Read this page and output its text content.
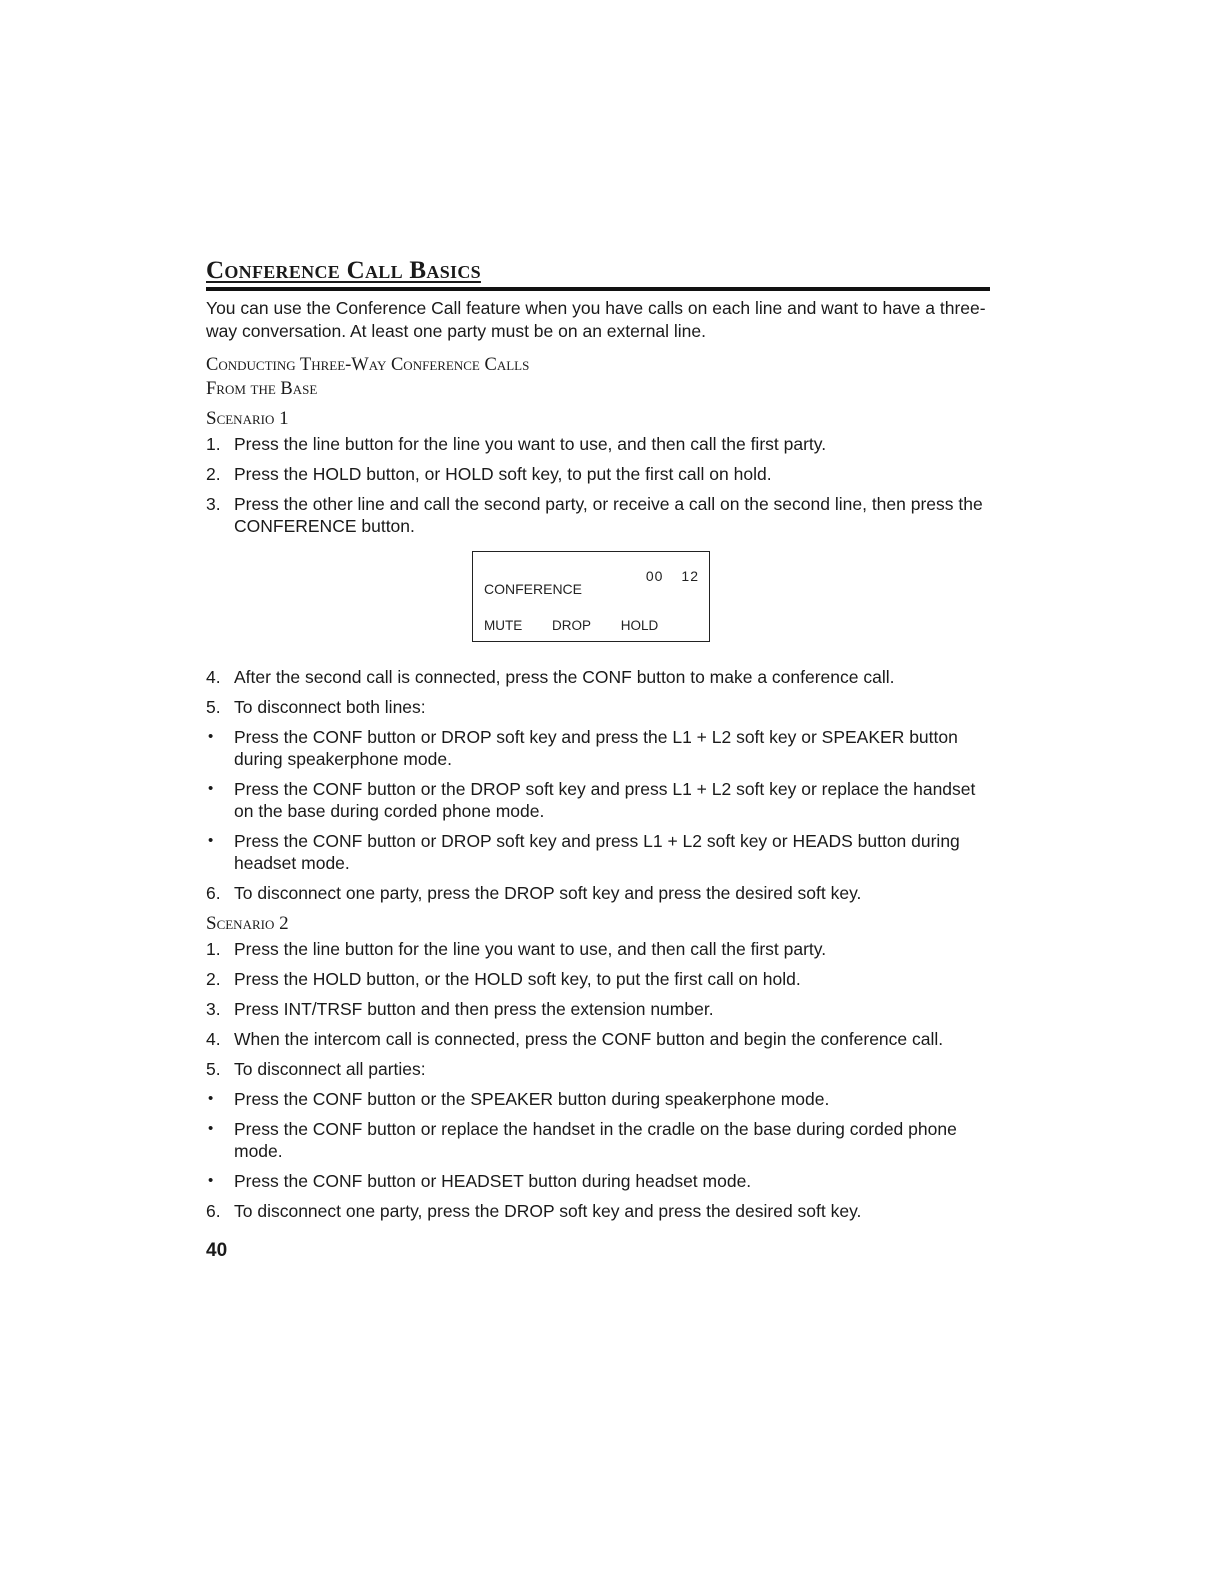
Conference Call Basics

You can use the Conference Call feature when you have calls on each line and want to have a three-way conversation. At least one party must be on an external line.

Conducting Three-Way Conference Calls
From the Base
Scenario 1
1. Press the line button for the line you want to use, and then call the first party.
2. Press the HOLD button, or HOLD soft key, to put the first call on hold.
3. Press the other line and call the second party, or receive a call on the second line, then press the CONFERENCE button.
00 12
CONFERENCE
MUTE DROP HOLD
4. After the second call is connected, press the CONF button to make a conference call.
5. To disconnect both lines:
• Press the CONF button or DROP soft key and press the L1 + L2 soft key or SPEAKER button during speakerphone mode.
• Press the CONF button or the DROP soft key and press L1 + L2 soft key or replace the handset on the base during corded phone mode.
• Press the CONF button or DROP soft key and press L1 + L2 soft key or HEADS button during headset mode.
6. To disconnect one party, press the DROP soft key and press the desired soft key.
Scenario 2
1. Press the line button for the line you want to use, and then call the first party.
2. Press the HOLD button, or the HOLD soft key, to put the first call on hold.
3. Press INT/TRSF button and then press the extension number.
4. When the intercom call is connected, press the CONF button and begin the conference call.
5. To disconnect all parties:
• Press the CONF button or the SPEAKER button during speakerphone mode.
• Press the CONF button or replace the handset in the cradle on the base during corded phone mode.
• Press the CONF button or HEADSET button during headset mode.
6. To disconnect one party, press the DROP soft key and press the desired soft key.
40
